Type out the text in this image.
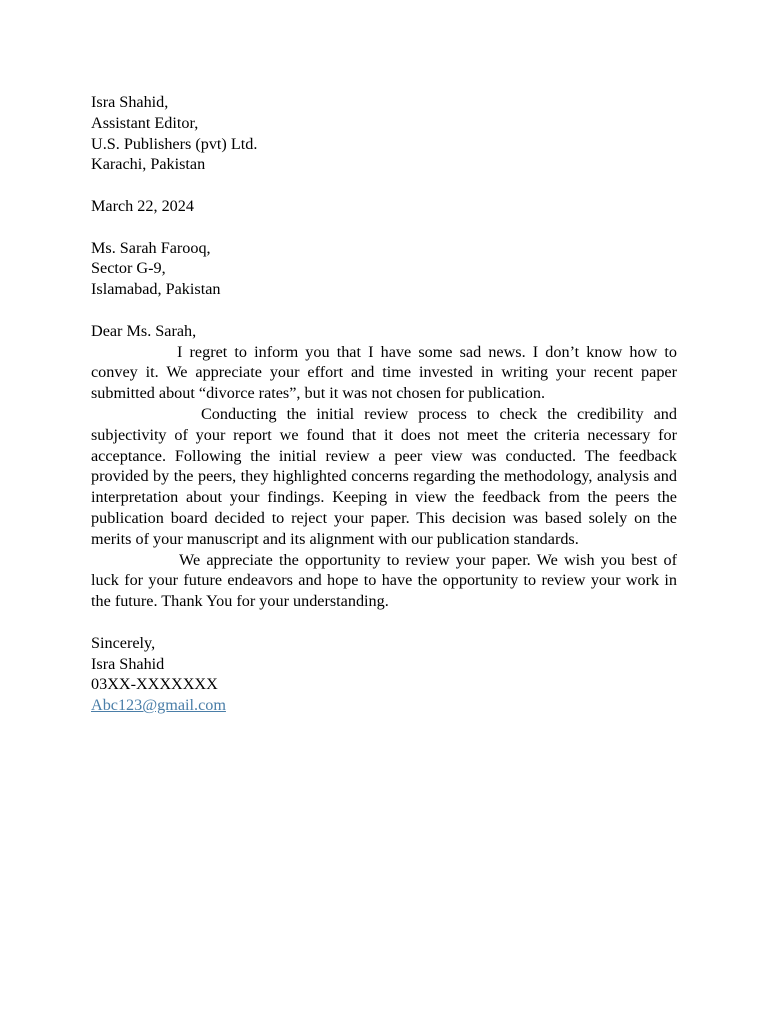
Isra Shahid,
Assistant Editor,
U.S. Publishers (pvt) Ltd.
Karachi, Pakistan
March 22, 2024
Ms. Sarah Farooq,
Sector G-9,
Islamabad, Pakistan
Dear Ms. Sarah,

I regret to inform you that I have some sad news. I don’t know how to convey it. We appreciate your effort and time invested in writing your recent paper submitted about “divorce rates”, but it was not chosen for publication.

Conducting the initial review process to check the credibility and subjectivity of your report we found that it does not meet the criteria necessary for acceptance. Following the initial review a peer view was conducted. The feedback provided by the peers, they highlighted concerns regarding the methodology, analysis and interpretation about your findings. Keeping in view the feedback from the peers the publication board decided to reject your paper. This decision was based solely on the merits of your manuscript and its alignment with our publication standards.

We appreciate the opportunity to review your paper. We wish you best of luck for your future endeavors and hope to have the opportunity to review your work in the future. Thank You for your understanding.

Sincerely,
Isra Shahid
03XX-XXXXXXX
Abc123@gmail.com
